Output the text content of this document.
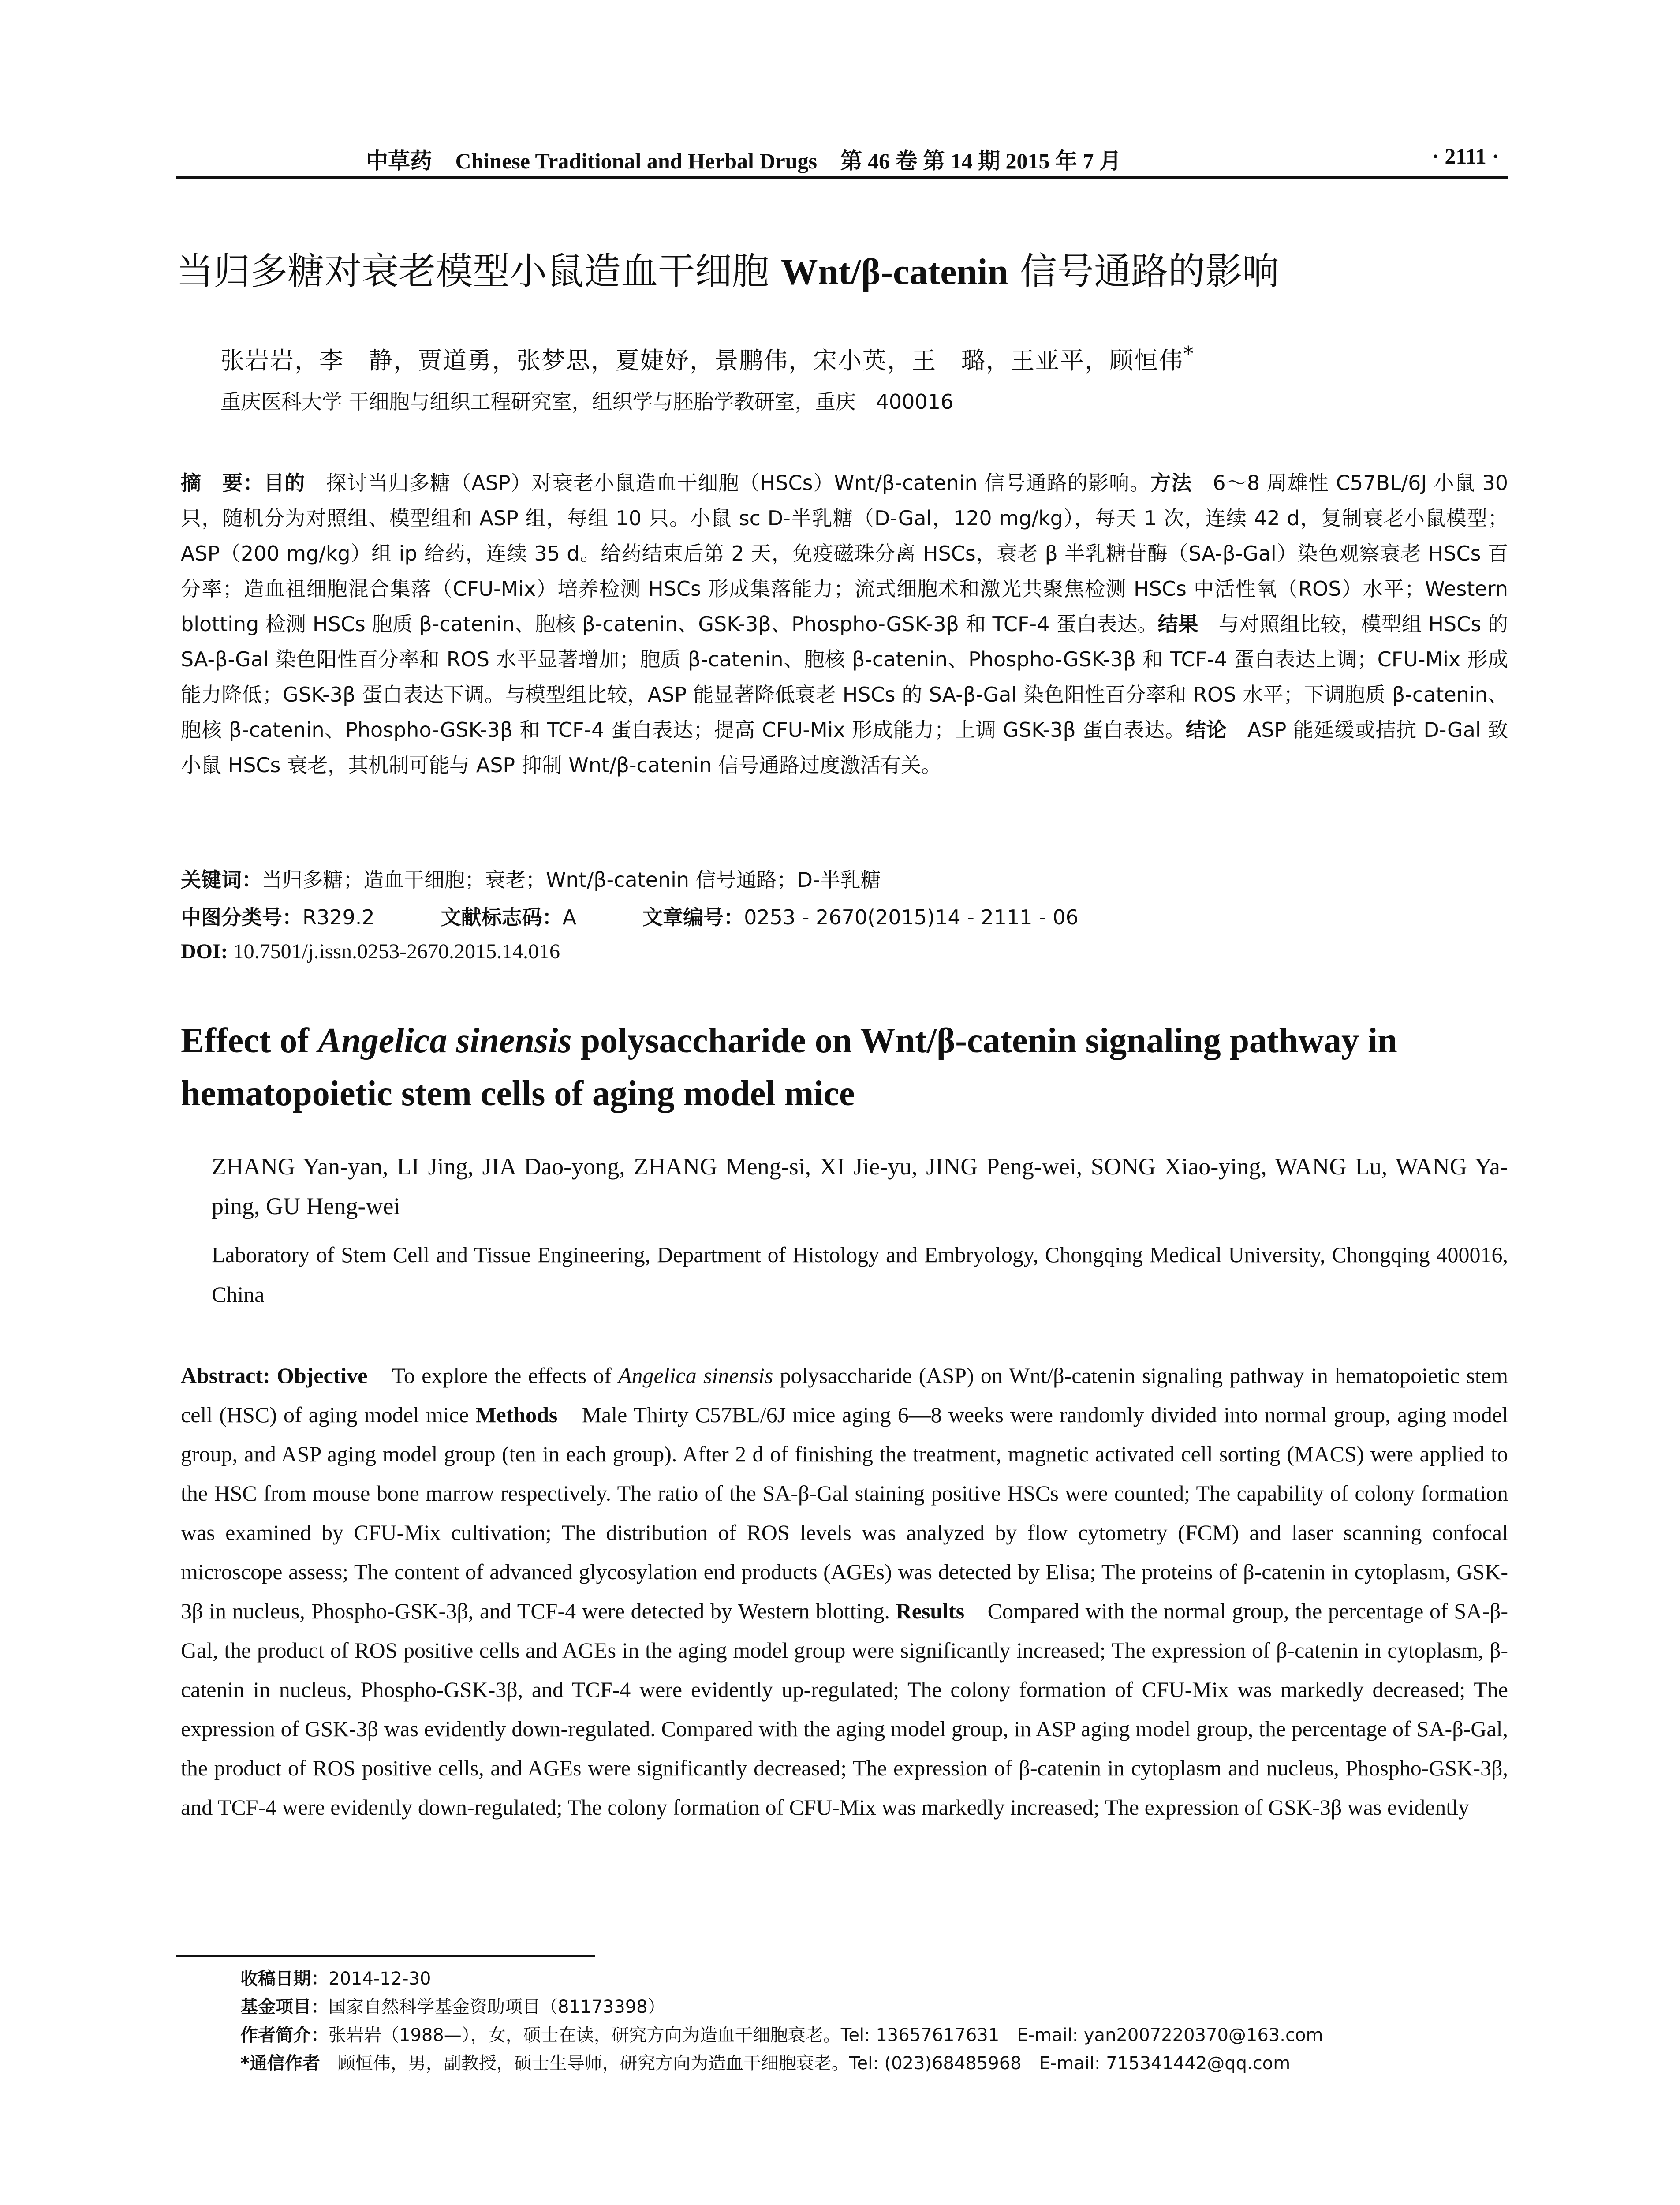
中草药 Chinese Traditional and Herbal Drugs 第 46 卷 第 14 期 2015 年 7 月	· 2111 ·
当归多糖对衰老模型小鼠造血干细胞 Wnt/β-catenin 信号通路的影响
张岩岩，李　静，贾道勇，张梦思，夏婕妤，景鹏伟，宋小英，王　璐，王亚平，顾恒伟*
重庆医科大学 干细胞与组织工程研究室，组织学与胚胎学教研室，重庆　400016
摘　要：目的　探讨当归多糖（ASP）对衰老小鼠造血干细胞（HSCs）Wnt/β-catenin 信号通路的影响。方法　6～8 周雄性 C57BL/6J 小鼠 30 只，随机分为对照组、模型组和 ASP 组，每组 10 只。小鼠 sc D-半乳糖（D-Gal，120 mg/kg），每天 1 次，连续 42 d，复制衰老小鼠模型；ASP（200 mg/kg）组 ip 给药，连续 35 d。给药结束后第 2 天，免疫磁珠分离 HSCs，衰老 β 半乳糖苷酶（SA-β-Gal）染色观察衰老 HSCs 百分率；造血祖细胞混合集落（CFU-Mix）培养检测 HSCs 形成集落能力；流式细胞术和激光共聚焦检测 HSCs 中活性氧（ROS）水平；Western blotting 检测 HSCs 胞质 β-catenin、胞核 β-catenin、GSK-3β、Phospho-GSK-3β 和 TCF-4 蛋白表达。结果　与对照组比较，模型组 HSCs 的 SA-β-Gal 染色阳性百分率和 ROS 水平显著增加；胞质 β-catenin、胞核 β-catenin、Phospho-GSK-3β 和 TCF-4 蛋白表达上调；CFU-Mix 形成能力降低；GSK-3β 蛋白表达下调。与模型组比较，ASP 能显著降低衰老 HSCs 的 SA-β-Gal 染色阳性百分率和 ROS 水平；下调胞质 β-catenin、胞核 β-catenin、Phospho-GSK-3β 和 TCF-4 蛋白表达；提高 CFU-Mix 形成能力；上调 GSK-3β 蛋白表达。结论　ASP 能延缓或拮抗 D-Gal 致小鼠 HSCs 衰老，其机制可能与 ASP 抑制 Wnt/β-catenin 信号通路过度激活有关。
关键词：当归多糖；造血干细胞；衰老；Wnt/β-catenin 信号通路；D-半乳糖
中图分类号：R329.2	文献标志码：A	文章编号：0253 - 2670(2015)14 - 2111 - 06
DOI: 10.7501/j.issn.0253-2670.2015.14.016
Effect of Angelica sinensis polysaccharide on Wnt/β-catenin signaling pathway in hematopoietic stem cells of aging model mice
ZHANG Yan-yan, LI Jing, JIA Dao-yong, ZHANG Meng-si, XI Jie-yu, JING Peng-wei, SONG Xiao-ying, WANG Lu, WANG Ya-ping, GU Heng-wei
Laboratory of Stem Cell and Tissue Engineering, Department of Histology and Embryology, Chongqing Medical University, Chongqing 400016, China
Abstract: Objective　To explore the effects of Angelica sinensis polysaccharide (ASP) on Wnt/β-catenin signaling pathway in hematopoietic stem cell (HSC) of aging model mice Methods　Male Thirty C57BL/6J mice aging 6—8 weeks were randomly divided into normal group, aging model group, and ASP aging model group (ten in each group). After 2 d of finishing the treatment, magnetic activated cell sorting (MACS) were applied to the HSC from mouse bone marrow respectively. The ratio of the SA-β-Gal staining positive HSCs were counted; The capability of colony formation was examined by CFU-Mix cultivation; The distribution of ROS levels was analyzed by flow cytometry (FCM) and laser scanning confocal microscope assess; The content of advanced glycosylation end products (AGEs) was detected by Elisa; The proteins of β-catenin in cytoplasm, GSK-3β in nucleus, Phospho-GSK-3β, and TCF-4 were detected by Western blotting. Results　Compared with the normal group, the percentage of SA-β-Gal, the product of ROS positive cells and AGEs in the aging model group were significantly increased; The expression of β-catenin in cytoplasm, β-catenin in nucleus, Phospho-GSK-3β, and TCF-4 were evidently up-regulated; The colony formation of CFU-Mix was markedly decreased; The expression of GSK-3β was evidently down-regulated. Compared with the aging model group, in ASP aging model group, the percentage of SA-β-Gal, the product of ROS positive cells, and AGEs were significantly decreased; The expression of β-catenin in cytoplasm and nucleus, Phospho-GSK-3β, and TCF-4 were evidently down-regulated; The colony formation of CFU-Mix was markedly increased; The expression of GSK-3β was evidently
收稿日期：2014-12-30
基金项目：国家自然科学基金资助项目（81173398）
作者简介：张岩岩（1988—），女，硕士在读，研究方向为造血干细胞衰老。Tel: 13657617631　E-mail: yan2007220370@163.com
*通信作者　顾恒伟，男，副教授，硕士生导师，研究方向为造血干细胞衰老。Tel: (023)68485968　E-mail: 715341442@qq.com
